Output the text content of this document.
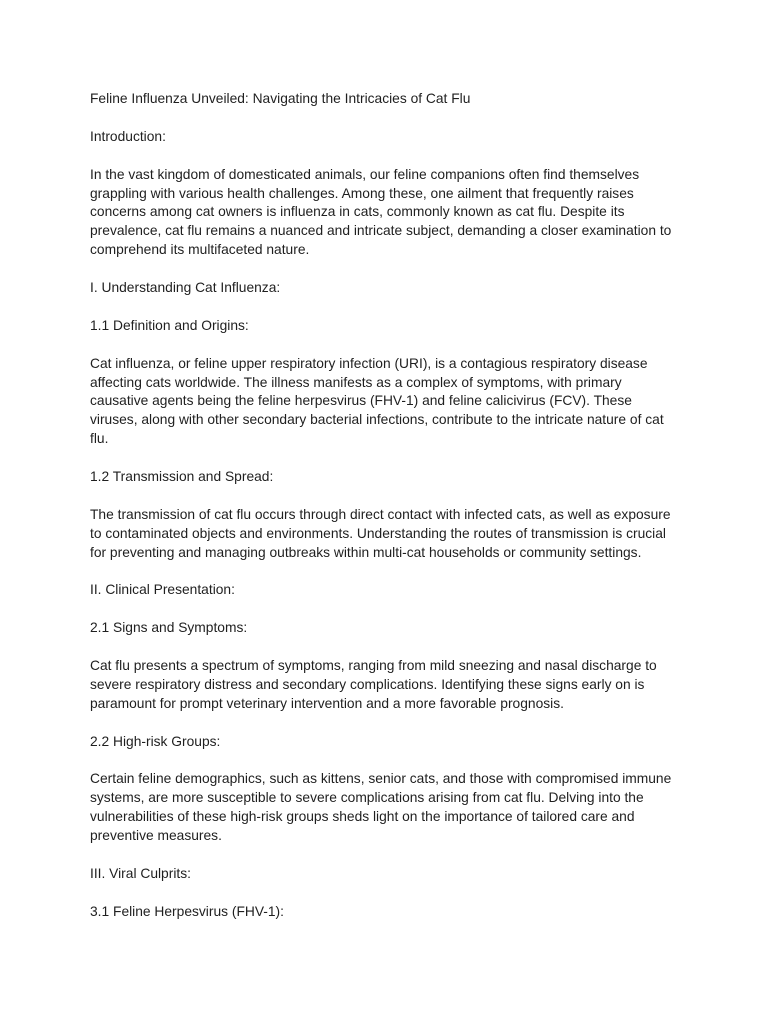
Feline Influenza Unveiled: Navigating the Intricacies of Cat Flu

Introduction:

In the vast kingdom of domesticated animals, our feline companions often find themselves grappling with various health challenges. Among these, one ailment that frequently raises concerns among cat owners is influenza in cats, commonly known as cat flu. Despite its prevalence, cat flu remains a nuanced and intricate subject, demanding a closer examination to comprehend its multifaceted nature.

I. Understanding Cat Influenza:

1.1 Definition and Origins:

Cat influenza, or feline upper respiratory infection (URI), is a contagious respiratory disease affecting cats worldwide. The illness manifests as a complex of symptoms, with primary causative agents being the feline herpesvirus (FHV-1) and feline calicivirus (FCV). These viruses, along with other secondary bacterial infections, contribute to the intricate nature of cat flu.

1.2 Transmission and Spread:

The transmission of cat flu occurs through direct contact with infected cats, as well as exposure to contaminated objects and environments. Understanding the routes of transmission is crucial for preventing and managing outbreaks within multi-cat households or community settings.

II. Clinical Presentation:

2.1 Signs and Symptoms:

Cat flu presents a spectrum of symptoms, ranging from mild sneezing and nasal discharge to severe respiratory distress and secondary complications. Identifying these signs early on is paramount for prompt veterinary intervention and a more favorable prognosis.

2.2 High-risk Groups:

Certain feline demographics, such as kittens, senior cats, and those with compromised immune systems, are more susceptible to severe complications arising from cat flu. Delving into the vulnerabilities of these high-risk groups sheds light on the importance of tailored care and preventive measures.

III. Viral Culprits:

3.1 Feline Herpesvirus (FHV-1):
